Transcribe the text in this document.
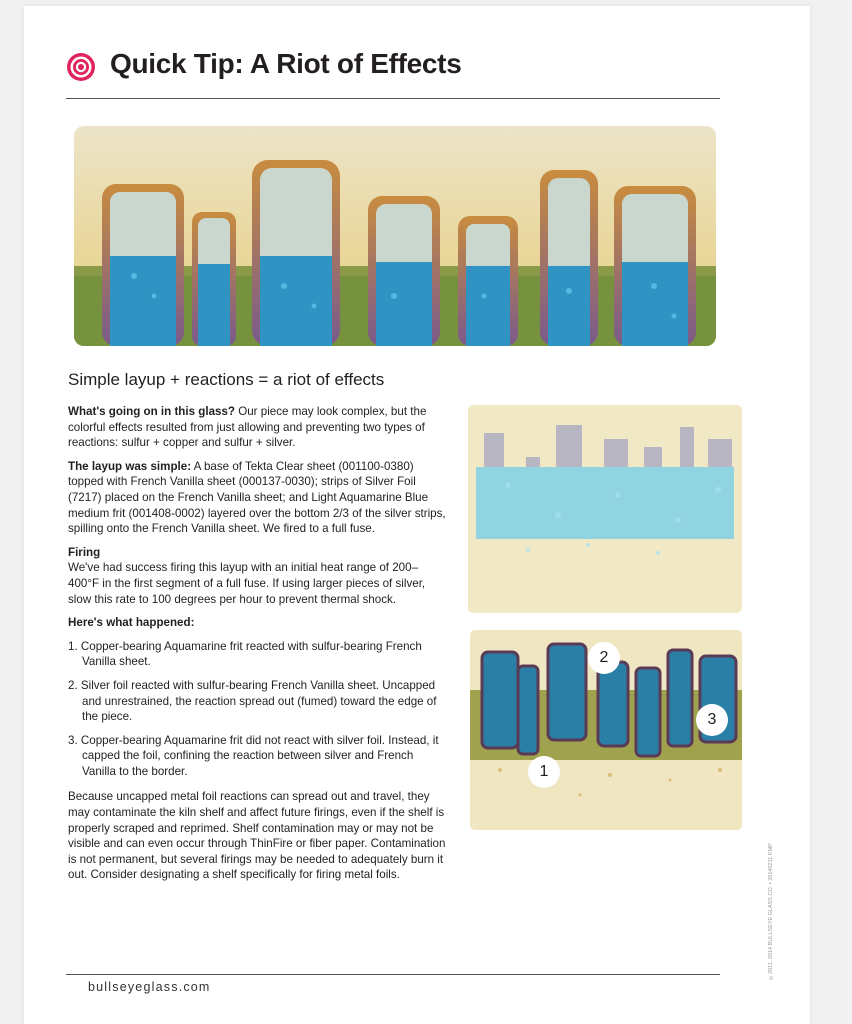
Quick Tip: A Riot of Effects
Simple layup + reactions = a riot of effects

What's going on in this glass? Our piece may look complex, but the colorful effects resulted from just allowing and preventing two types of reactions: sulfur + copper and sulfur + silver.

The layup was simple: A base of Tekta Clear sheet (001100-0380) topped with French Vanilla sheet (000137-0030); strips of Silver Foil (7217) placed on the French Vanilla sheet; and Light Aquamarine Blue medium frit (001408-0002) layered over the bottom 2/3 of the silver strips, spilling onto the French Vanilla sheet. We fired to a full fuse.

Firing
We've had success firing this layup with an initial heat range of 200–400°F in the first segment of a full fuse. If using larger pieces of silver, slow this rate to 100 degrees per hour to prevent thermal shock.

Here's what happened:

1. Copper-bearing Aquamarine frit reacted with sulfur-bearing French Vanilla sheet.
2. Silver foil reacted with sulfur-bearing French Vanilla sheet. Uncapped and unrestrained, the reaction spread out (fumed) toward the edge of the piece.
3. Copper-bearing Aquamarine frit did not react with silver foil. Instead, it capped the foil, confining the reaction between silver and French Vanilla to the border.

Because uncapped metal foil reactions can spread out and travel, they may contaminate the kiln shelf and affect future firings, even if the shelf is properly scraped and reprimed. Shelf contamination may or may not be visible and can even occur through ThinFire or fiber paper. Contamination is not permanent, but several firings may be needed to adequately burn it out. Consider designating a shelf specifically for firing metal foils.

2
3
1
©2011, 2014 BULLSEYE GLASS CO. • 20140211 KMP
bullseyeglass.com
